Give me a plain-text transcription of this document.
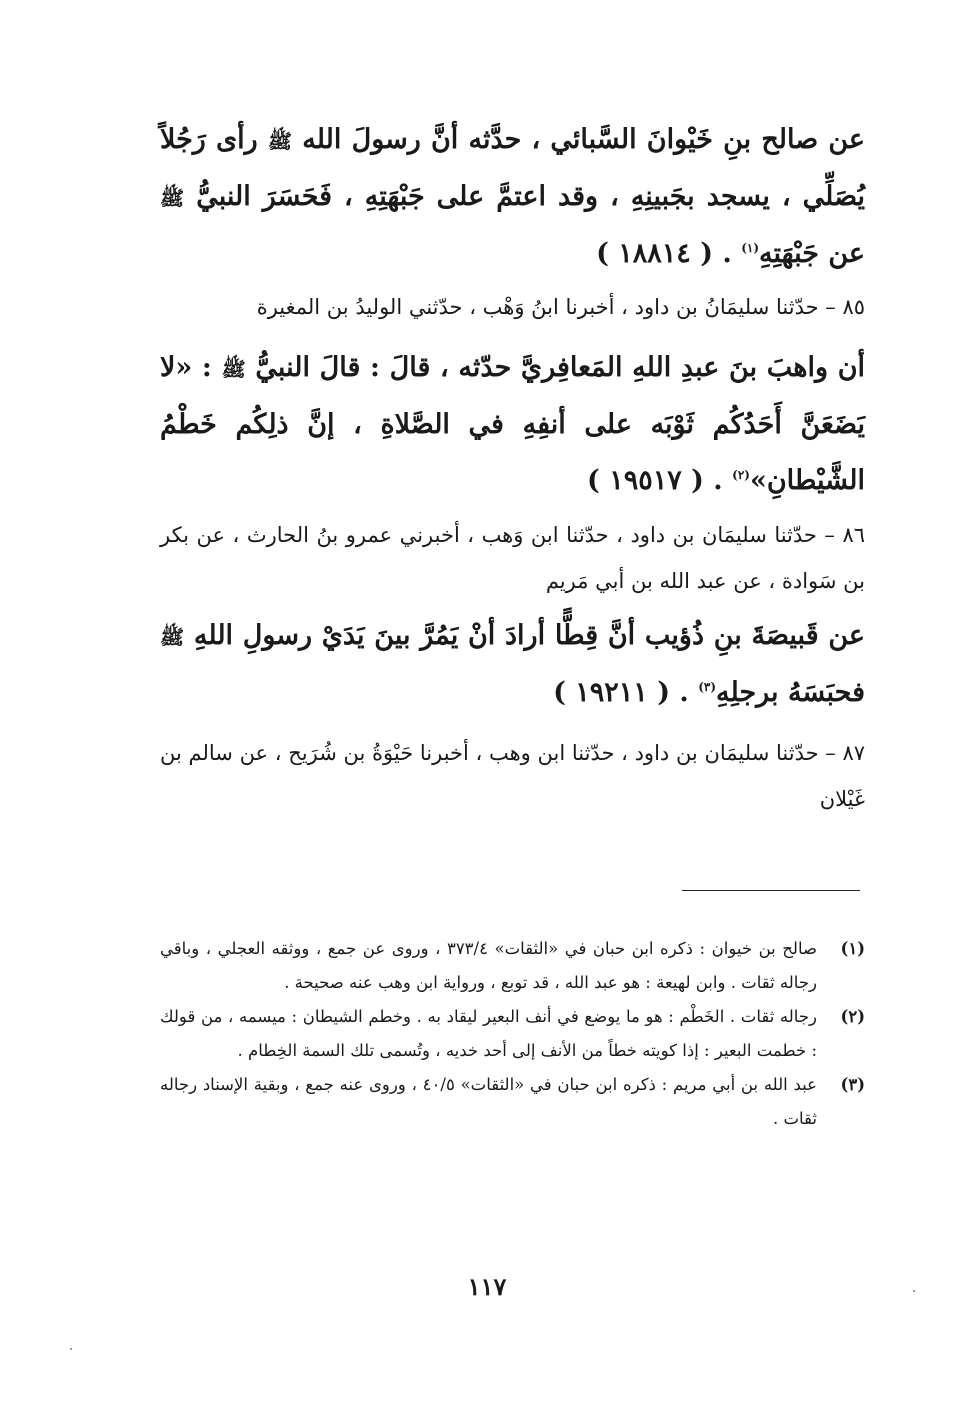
عن صالح بنِ خَيْوانَ السَّبائي ، حدَّثه أنَّ رسولَ الله ﷺ رأى رَجُلاً يُصَلِّي ، يسجد بجَبينِهِ ، وقد اعتمَّ على جَبْهَتِهِ ، فَحَسَرَ النبيُّ ﷺ عن جَبْهَتِهِ$^{(١)}$ . ( ١٨٨١٤ )
٨٥ – حدّثنا سليمَانُ بن داود ، أخبرنا ابنُ وَهْب ، حدّثني الوليدُ بن المغيرة
أن واهبَ بنَ عبدِ اللهِ المَعافِريَّ حدّثه ، قالَ : قالَ النبيُّ ﷺ : «لا يَضَعَنَّ أَحَدُكُم ثَوْبَه على أنفِهِ في الصَّلاةِ ، إنَّ ذلِكُم خَطْمُ الشَّيْطانِ»$^{(٢)}$ . ( ١٩٥١٧ )
٨٦ – حدّثنا سليمَان بن داود ، حدّثنا ابن وَهب ، أخبرني عمرو بنُ الحارث ، عن بكر بن سَوادة ، عن عبد الله بن أبي مَريم
عن قَبيصَةَ بنِ ذُؤيب أنَّ قِطًّا أرادَ أنْ يَمُرَّ بينَ يَدَيْ رسولِ اللهِ ﷺ فحبَسَهُ برجلِهِ$^{(٣)}$ . ( ١٩٢١١ )
٨٧ – حدّثنا سليمَان بن داود ، حدّثنا ابن وهب ، أخبرنا حَيْوَةُ بن شُرَيح ، عن سالم بن غَيْلان
(١)
صالح بن خيوان : ذكره ابن حبان في «الثقات» ٣٧٣/٤ ، وروى عن جمع ، ووثقه العجلي ، وباقي رجاله ثقات . وابن لهيعة : هو عبد الله ، قد توبع ، ورواية ابن وهب عنه صحيحة .
(٢)
رجاله ثقات . الخَطْم : هو ما يوضع في أنف البعير ليقاد به . وخطم الشيطان : ميسمه ، من قولك : خطمت البعير : إذا كويته خطاً من الأنف إلى أحد خديه ، وتُسمى تلك السمة الخِطام .
(٣)
عبد الله بن أبي مريم : ذكره ابن حبان في «الثقات» ٤٠/٥ ، وروى عنه جمع ، وبقية الإسناد رجاله ثقات .
١١٧
